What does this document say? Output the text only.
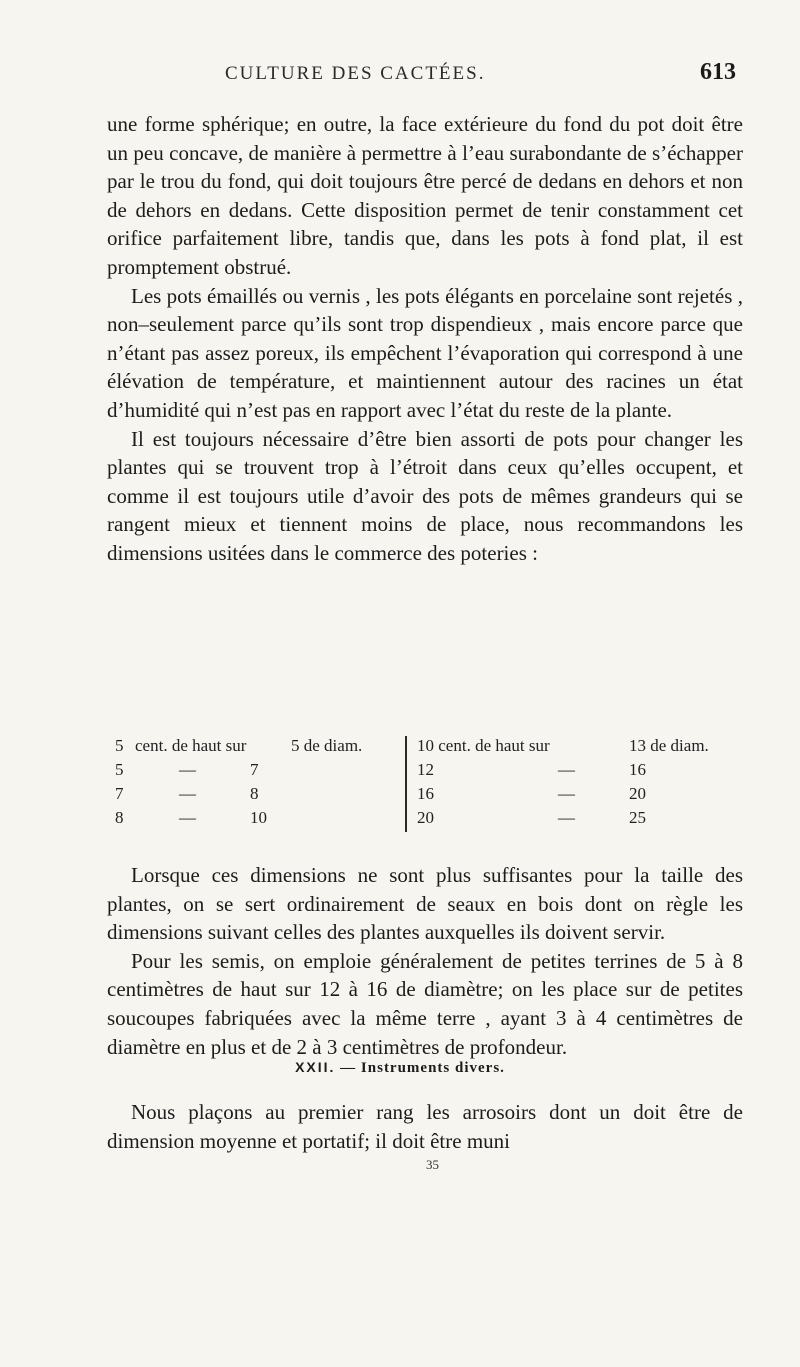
CULTURE DES CACTÉES.	613

une forme sphérique; en outre, la face extérieure du fond du pot doit être un peu concave, de manière à permettre à l’eau surabondante de s’échapper par le trou du fond, qui doit toujours être percé de dedans en dehors et non de dehors en dedans. Cette disposition permet de tenir constamment cet orifice parfaitement libre, tandis que, dans les pots à fond plat, il est promptement obstrué.

Les pots émaillés ou vernis , les pots élégants en porcelaine sont rejetés , non–seulement parce qu’ils sont trop dispendieux , mais encore parce que n’étant pas assez poreux, ils empêchent l’évaporation qui correspond à une élévation de température, et maintiennent autour des racines un état d’humidité qui n’est pas en rapport avec l’état du reste de la plante.

Il est toujours nécessaire d’être bien assorti de pots pour changer les plantes qui se trouvent trop à l’étroit dans ceux qu’elles occupent, et comme il est toujours utile d’avoir des pots de mêmes grandeurs qui se rangent mieux et tiennent moins de place, nous recommandons les dimensions usitées dans le commerce des poteries :

5 cent. de haut sur	5 de diam.
5	—	7
7	—	8
8	—	10
10 cent. de haut sur	13 de diam.
12	—	16
16	—	20
20	—	25

Lorsque ces dimensions ne sont plus suffisantes pour la taille des plantes, on se sert ordinairement de seaux en bois dont on règle les dimensions suivant celles des plantes auxquelles ils doivent servir.

Pour les semis, on emploie généralement de petites terrines de 5 à 8 centimètres de haut sur 12 à 16 de diamètre; on les place sur de petites soucoupes fabriquées avec la même terre , ayant 3 à 4 centimètres de diamètre en plus et de 2 à 3 centimètres de profondeur.

XXII. — Instruments divers.

Nous plaçons au premier rang les arrosoirs dont un doit être de dimension moyenne et portatif; il doit être muni

35
